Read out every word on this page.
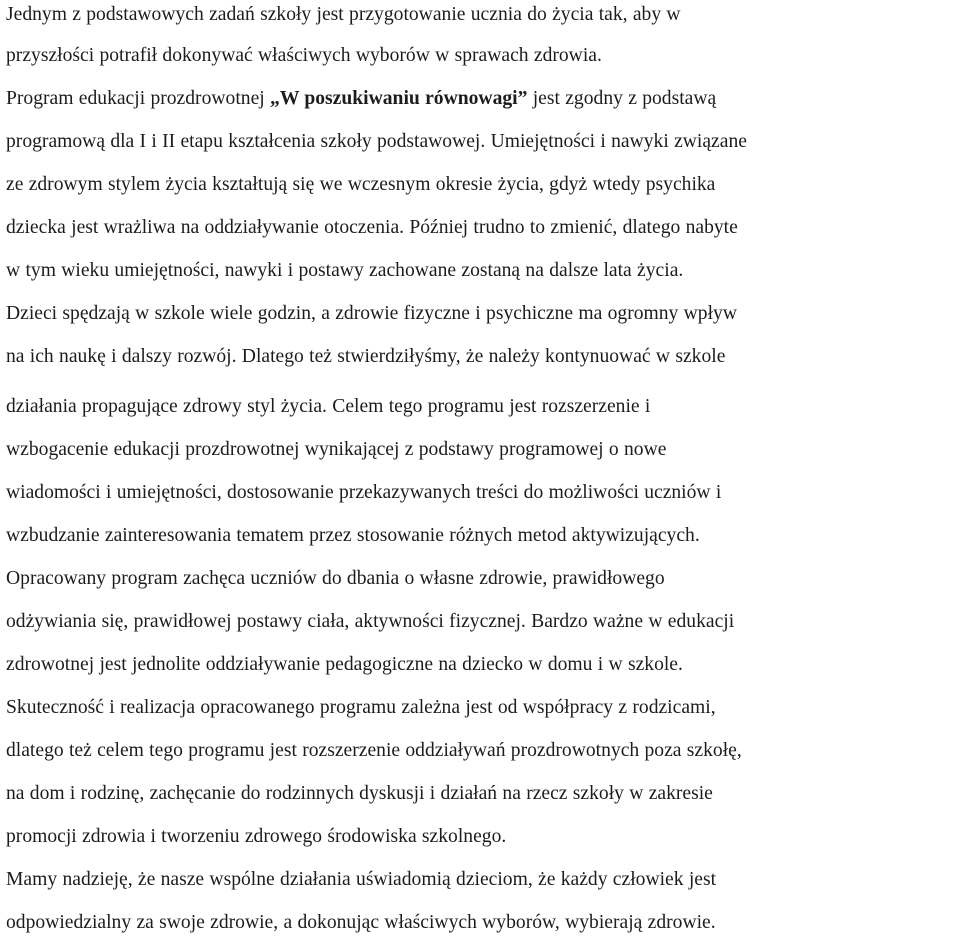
Jednym z podstawowych zadań szkoły jest przygotowanie ucznia do życia tak, aby w
przyszłości potrafił dokonywać właściwych wyborów w sprawach zdrowia.
Program edukacji prozdrowotnej „W poszukiwaniu równowagi” jest zgodny z podstawą
programową dla I i II etapu kształcenia szkoły podstawowej. Umiejętności i nawyki związane
ze zdrowym stylem życia kształtują się we wczesnym okresie życia, gdyż wtedy psychika
dziecka jest wrażliwa na oddziaływanie otoczenia. Później trudno to zmienić, dlatego nabyte
w tym wieku umiejętności, nawyki i postawy zachowane zostaną na dalsze lata życia.
Dzieci spędzają w szkole wiele godzin, a zdrowie fizyczne i psychiczne ma ogromny wpływ
na ich naukę i dalszy rozwój. Dlatego też stwierdziłyśmy, że należy kontynuować w szkole
działania propagujące zdrowy styl życia. Celem tego programu jest rozszerzenie i
wzbogacenie edukacji prozdrowotnej wynikającej z podstawy programowej o nowe
wiadomości i umiejętności, dostosowanie przekazywanych treści do możliwości uczniów i
wzbudzanie zainteresowania tematem przez stosowanie różnych metod aktywizujących.
Opracowany program zachęca uczniów do dbania o własne zdrowie, prawidłowego
odżywiania się, prawidłowej postawy ciała, aktywności fizycznej. Bardzo ważne w edukacji
zdrowotnej jest jednolite oddziaływanie pedagogiczne na dziecko w domu i w szkole.
Skuteczność i realizacja opracowanego programu zależna jest od współpracy z rodzicami,
dlatego też celem tego programu jest rozszerzenie oddziaływań prozdrowotnych poza szkołę,
na dom i rodzinę, zachęcanie do rodzinnych dyskusji i działań na rzecz szkoły w zakresie
promocji zdrowia i tworzeniu zdrowego środowiska szkolnego.
Mamy nadzieję, że nasze wspólne działania uświadomią dzieciom, że każdy człowiek jest
odpowiedzialny za swoje zdrowie, a dokonując właściwych wyborów, wybierają zdrowie.
